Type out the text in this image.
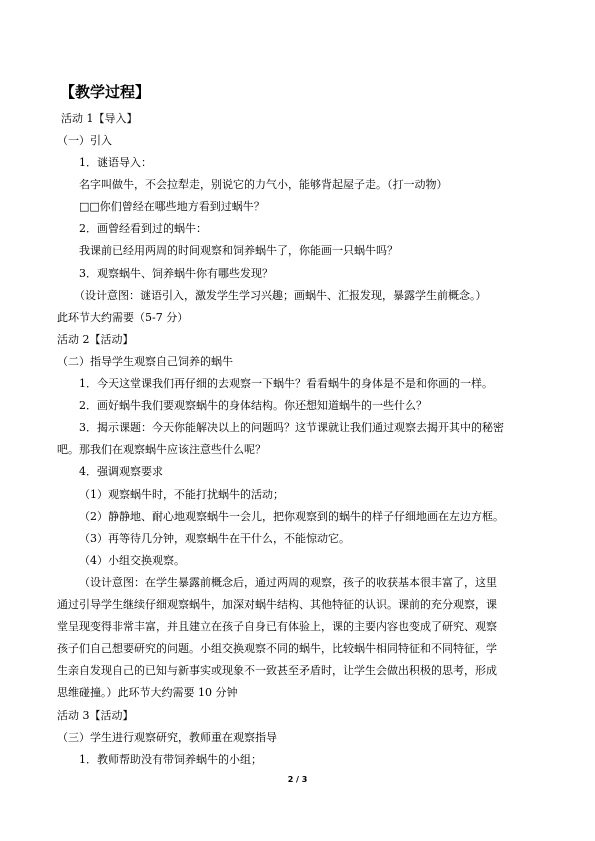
【教学过程】
活动 1【导入】
（一）引入
1．谜语导入：
名字叫做牛，不会拉犁走，别说它的力气小，能够背起屋子走。（打一动物）
□□你们曾经在哪些地方看到过蜗牛？
2．画曾经看到过的蜗牛：
我课前已经用两周的时间观察和饲养蜗牛了，你能画一只蜗牛吗？
3．观察蜗牛、饲养蜗牛你有哪些发现？
（设计意图：谜语引入，激发学生学习兴趣；画蜗牛、汇报发现，暴露学生前概念。）
此环节大约需要（5-7 分）
活动 2【活动】
（二）指导学生观察自己饲养的蜗牛
1．今天这堂课我们再仔细的去观察一下蜗牛？看看蜗牛的身体是不是和你画的一样。
2．画好蜗牛我们要观察蜗牛的身体结构。你还想知道蜗牛的一些什么？
3．揭示课题：今天你能解决以上的问题吗？这节课就让我们通过观察去揭开其中的秘密
吧。那我们在观察蜗牛应该注意些什么呢？
4．强调观察要求
（1）观察蜗牛时，不能打扰蜗牛的活动；
（2）静静地、耐心地观察蜗牛一会儿，把你观察到的蜗牛的样子仔细地画在左边方框。
（3）再等待几分钟，观察蜗牛在干什么，不能惊动它。
（4）小组交换观察。
（设计意图：在学生暴露前概念后，通过两周的观察，孩子的收获基本很丰富了，这里
通过引导学生继续仔细观察蜗牛，加深对蜗牛结构、其他特征的认识。课前的充分观察，课
堂呈现变得非常丰富，并且建立在孩子自身已有体验上，课的主要内容也变成了研究、观察
孩子们自己想要研究的问题。小组交换观察不同的蜗牛，比较蜗牛相同特征和不同特征，学
生亲自发现自己的已知与新事实或现象不一致甚至矛盾时，让学生会做出积极的思考，形成
思维碰撞。）此环节大约需要 10 分钟
活动 3【活动】
（三）学生进行观察研究，教师重在观察指导
1．教师帮助没有带饲养蜗牛的小组；
2 / 3
